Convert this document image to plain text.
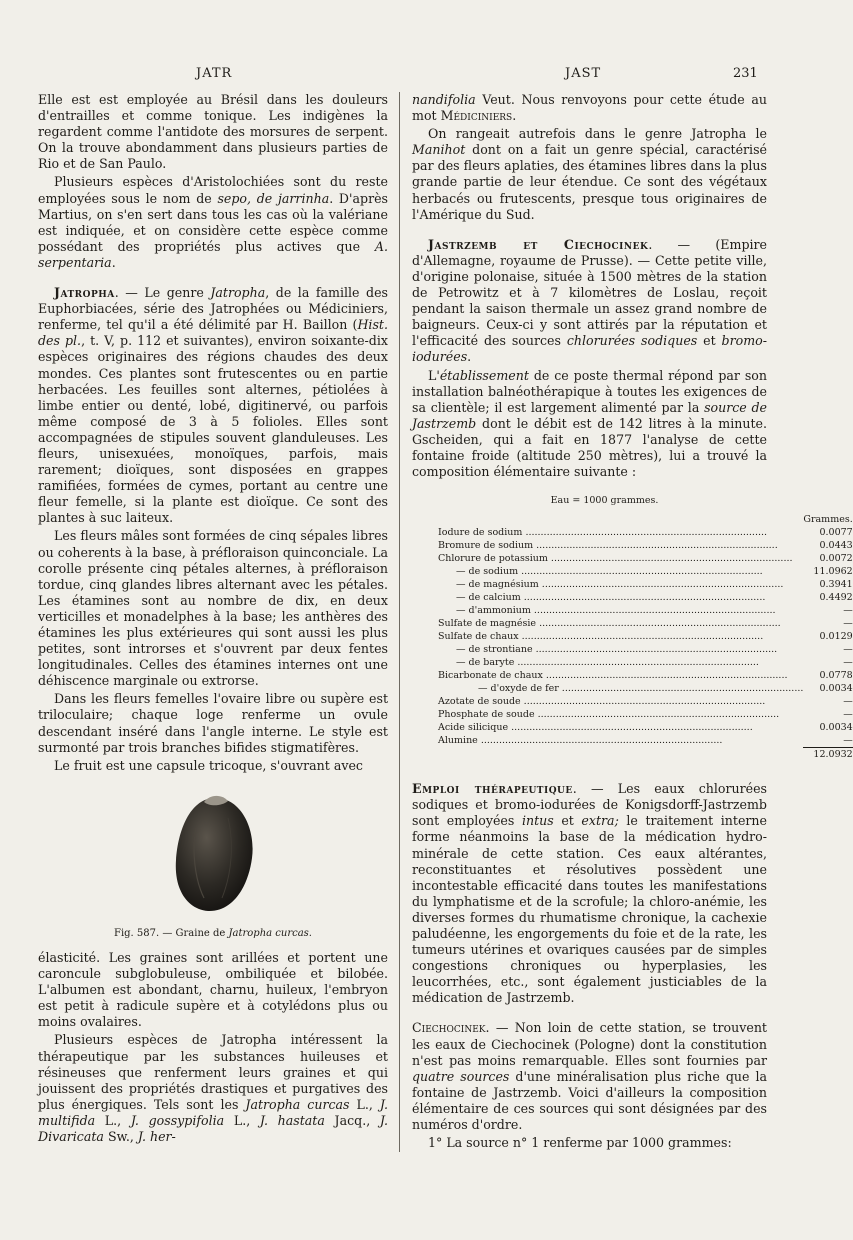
JATR	JAST	231

Elle est est employée au Brésil dans les douleurs d'entrailles et comme tonique. Les indigènes la regardent comme l'antidote des morsures de serpent. On la trouve abondamment dans plusieurs parties de Rio et de San Paulo.

Plusieurs espèces d'Aristolochiées sont du reste employées sous le nom de sepo, de jarrinha. D'après Martius, on s'en sert dans tous les cas où la valériane est indiquée, et on considère cette espèce comme possédant des propriétés plus actives que A. serpentaria.

Jatropha. — Le genre Jatropha, de la famille des Euphorbiacées, série des Jatrophées ou Médiciniers, renferme, tel qu'il a été délimité par H. Baillon (Hist. des pl., t. V, p. 112 et suivantes), environ soixante-dix espèces originaires des régions chaudes des deux mondes. Ces plantes sont frutescentes ou en partie herbacées. Les feuilles sont alternes, pétiolées à limbe entier ou denté, lobé, digitinervé, ou parfois même composé de 3 à 5 folioles. Elles sont accompagnées de stipules souvent glanduleuses. Les fleurs, unisexuées, monoïques, parfois, mais rarement; dioïques, sont disposées en grappes ramifiées, formées de cymes, portant au centre une fleur femelle, si la plante est dioïque. Ce sont des plantes à suc laiteux.

Les fleurs mâles sont formées de cinq sépales libres ou coherents à la base, à préfloraison quinconciale. La corolle présente cinq pétales alternes, à préfloraison tordue, cinq glandes libres alternant avec les pétales. Les étamines sont au nombre de dix, en deux verticilles et monadelphes à la base; les anthères des étamines les plus extérieures qui sont aussi les plus petites, sont introrses et s'ouvrent par deux fentes longitudinales. Celles des étamines internes ont une déhiscence marginale ou extrorse.

Dans les fleurs femelles l'ovaire libre ou supère est triloculaire; chaque loge renferme un ovule descendant inséré dans l'angle interne. Le style est surmonté par trois branches bifides stigmatifères.

Le fruit est une capsule tricoque, s'ouvrant avec

Fig. 587. — Graine de Jatropha curcas.

élasticité. Les graines sont arillées et portent une caroncule subglobuleuse, ombiliquée et bilobée. L'albumen est abondant, charnu, huileux, l'embryon est petit à radicule supère et à cotylédons plus ou moins ovalaires.

Plusieurs espèces de Jatropha intéressent la thérapeutique par les substances huileuses et résineuses que renferment leurs graines et qui jouissent des propriétés drastiques et purgatives des plus énergiques. Tels sont les Jatropha curcas L., J. multifida L., J. gossypifolia L., J. hastata Jacq., J. Divaricata Sw., J. her-

nandifolia Veut. Nous renvoyons pour cette étude au mot Médiciniers.

On rangeait autrefois dans le genre Jatropha le Manihot dont on a fait un genre spécial, caractérisé par des fleurs aplaties, des étamines libres dans la plus grande partie de leur étendue. Ce sont des végétaux herbacés ou frutescents, presque tous originaires de l'Amérique du Sud.

Jastrzemb et Ciechocinek. — (Empire d'Allemagne, royaume de Prusse). — Cette petite ville, d'origine polonaise, située à 1500 mètres de la station de Petrowitz et à 7 kilomètres de Loslau, reçoit pendant la saison thermale un assez grand nombre de baigneurs. Ceux-ci y sont attirés par la réputation et l'efficacité des sources chlorurées sodiques et bromo-iodurées.

L'établissement de ce poste thermal répond par son installation balnéothérapique à toutes les exigences de sa clientèle; il est largement alimenté par la source de Jastrzemb dont le débit est de 142 litres à la minute. Gscheiden, qui a fait en 1877 l'analyse de cette fontaine froide (altitude 250 mètres), lui a trouvé la composition élémentaire suivante :

Eau = 1000 grammes.
	Grammes.
Iodure de sodium ................................................................................	0.0077
Bromure de sodium ................................................................................	0.0443
Chlorure de potassium ................................................................................	0.0072
— de sodium ................................................................................	11.0962
— de magnésium ................................................................................	0.3941
— de calcium ................................................................................	0.4492
— d'ammonium ................................................................................	—
Sulfate de magnésie ................................................................................	—
Sulfate de chaux ................................................................................	0.0129
— de strontiane ................................................................................	—
— de baryte ................................................................................	—
Bicarbonate de chaux ................................................................................	0.0778
— d'oxyde de fer ................................................................................	0.0034
Azotate de soude ................................................................................	—
Phosphate de soude ................................................................................	—
Acide silicique ................................................................................	0.0034
Alumine ................................................................................	—
	12.0932

Emploi thérapeutique. — Les eaux chlorurées sodiques et bromo-iodurées de Konigsdorff-Jastrzemb sont employées intus et extra; le traitement interne forme néanmoins la base de la médication hydro-minérale de cette station. Ces eaux altérantes, reconstituantes et résolutives possèdent une incontestable efficacité dans toutes les manifestations du lymphatisme et de la scrofule; la chloro-anémie, les diverses formes du rhumatisme chronique, la cachexie paludéenne, les engorgements du foie et de la rate, les tumeurs utérines et ovariques causées par de simples congestions chroniques ou hyperplasies, les leucorrhées, etc., sont également justiciables de la médication de Jastrzemb.

Ciechocinek. — Non loin de cette station, se trouvent les eaux de Ciechocinek (Pologne) dont la constitution n'est pas moins remarquable. Elles sont fournies par quatre sources d'une minéralisation plus riche que la fontaine de Jastrzemb. Voici d'ailleurs la composition élémentaire de ces sources qui sont désignées par des numéros d'ordre.

1° La source n° 1 renferme par 1000 grammes:
